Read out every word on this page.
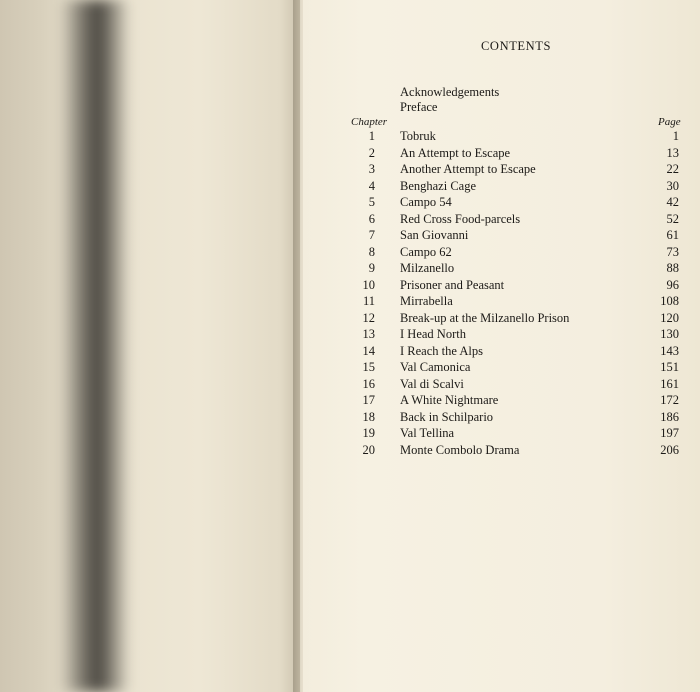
CONTENTS
Acknowledgements
Preface
Chapter	Page
1 Tobruk	1
2 An Attempt to Escape	13
3 Another Attempt to Escape	22
4 Benghazi Cage	30
5 Campo 54	42
6 Red Cross Food-parcels	52
7 San Giovanni	61
8 Campo 62	73
9 Milzanello	88
10 Prisoner and Peasant	96
11 Mirrabella	108
12 Break-up at the Milzanello Prison	120
13 I Head North	130
14 I Reach the Alps	143
15 Val Camonica	151
16 Val di Scalvi	161
17 A White Nightmare	172
18 Back in Schilpario	186
19 Val Tellina	197
20 Monte Combolo Drama	206
